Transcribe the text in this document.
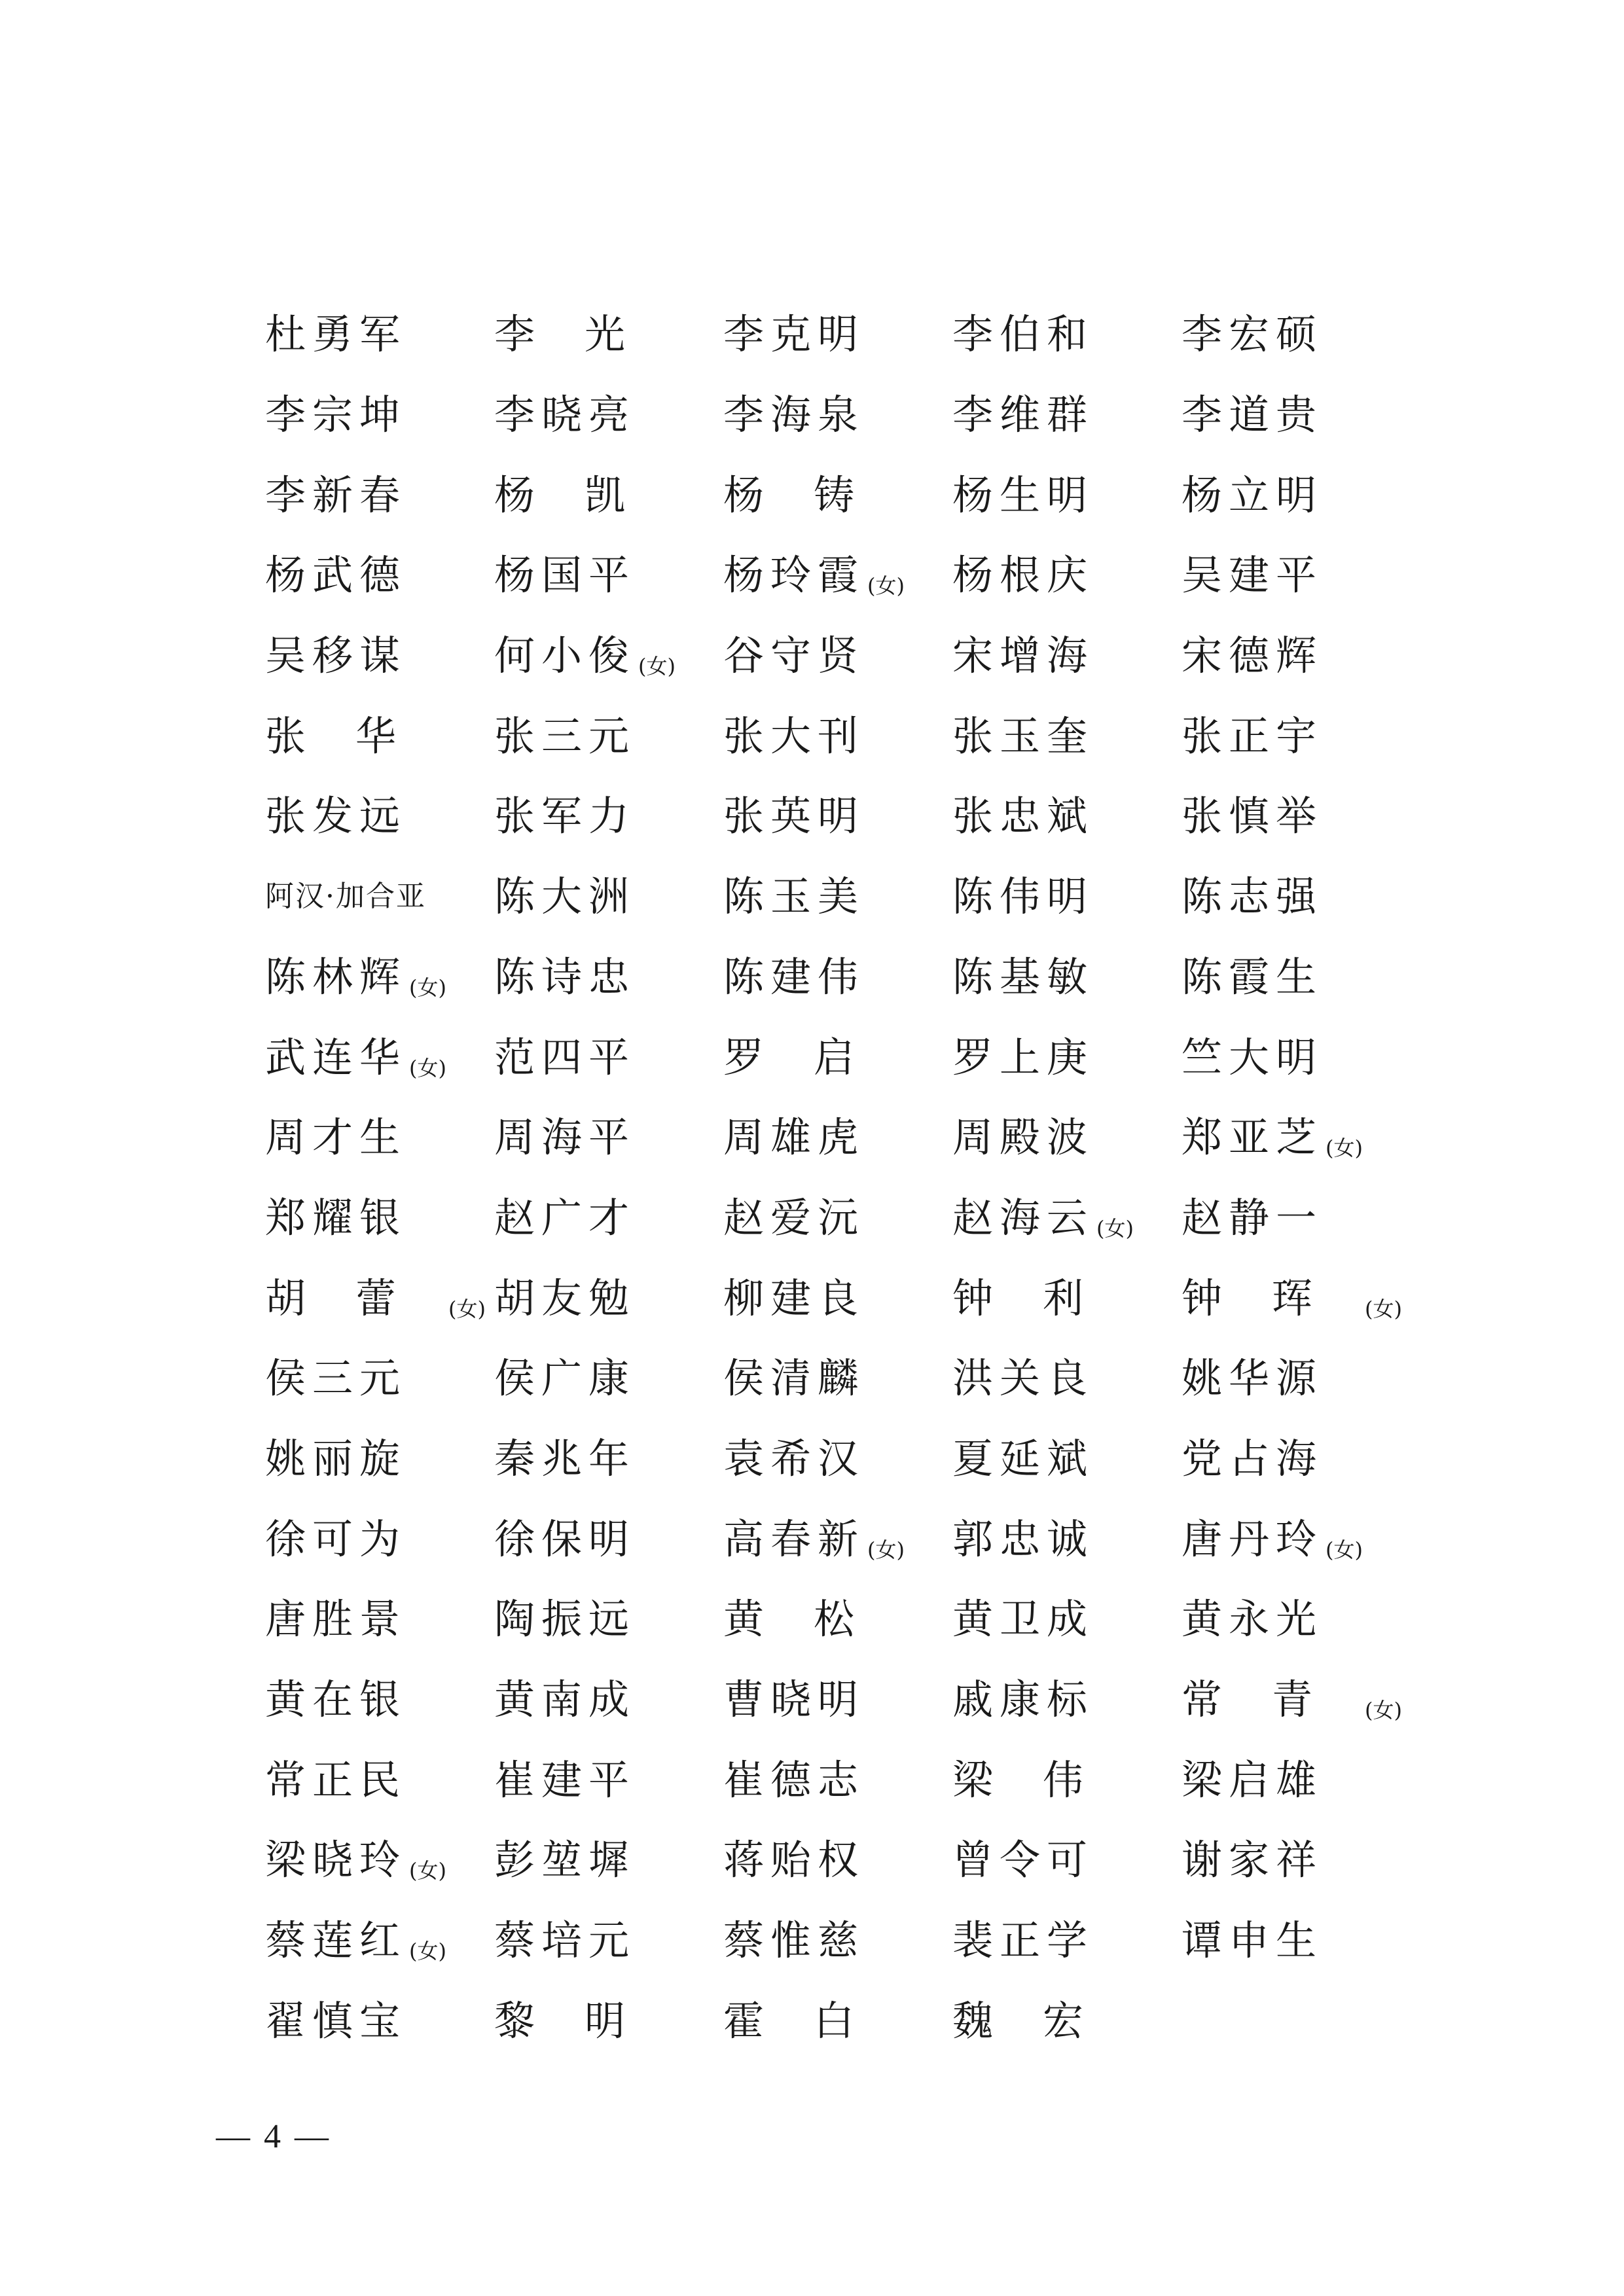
杜勇军 李光 李克明 李伯和 李宏硕
李宗坤 李晓亮 李海泉 李维群 李道贵
李新春 杨凯 杨铸 杨生明 杨立明
杨武德 杨国平 杨玲霞 (女) 杨根庆 吴建平
吴移谋 何小俊 (女) 谷守贤 宋增海 宋德辉
张华 张三元 张大刊 张玉奎 张正宇
张发远 张军力 张英明 张忠斌 张慎举
阿汉·加合亚 陈大洲 陈玉美 陈伟明 陈志强
陈林辉 (女) 陈诗忠 陈建伟 陈基敏 陈霞生
武连华 (女) 范四平 罗启 罗上庚 竺大明
周才生 周海平 周雄虎 周殿波 郑亚芝 (女)
郑耀银 赵广才 赵爱沅 赵海云 (女) 赵静一
胡蕾 (女) 胡友勉 柳建良 钟利 钟珲 (女)
侯三元 侯广康 侯清麟 洪关良 姚华源
姚丽旋 秦兆年 袁希汉 夏延斌 党占海
徐可为 徐保明 高春新 (女) 郭忠诚 唐丹玲 (女)
唐胜景 陶振远 黄松 黄卫成 黄永光
黄在银 黄南成 曹晓明 戚康标 常青 (女)
常正民 崔建平 崔德志 梁伟 梁启雄
梁晓玲 (女) 彭堃墀 蒋贻权 曾令可 谢家祥
蔡莲红 (女) 蔡培元 蔡惟慈 裴正学 谭申生
翟慎宝 黎明 霍白 魏宏
— 4 —
